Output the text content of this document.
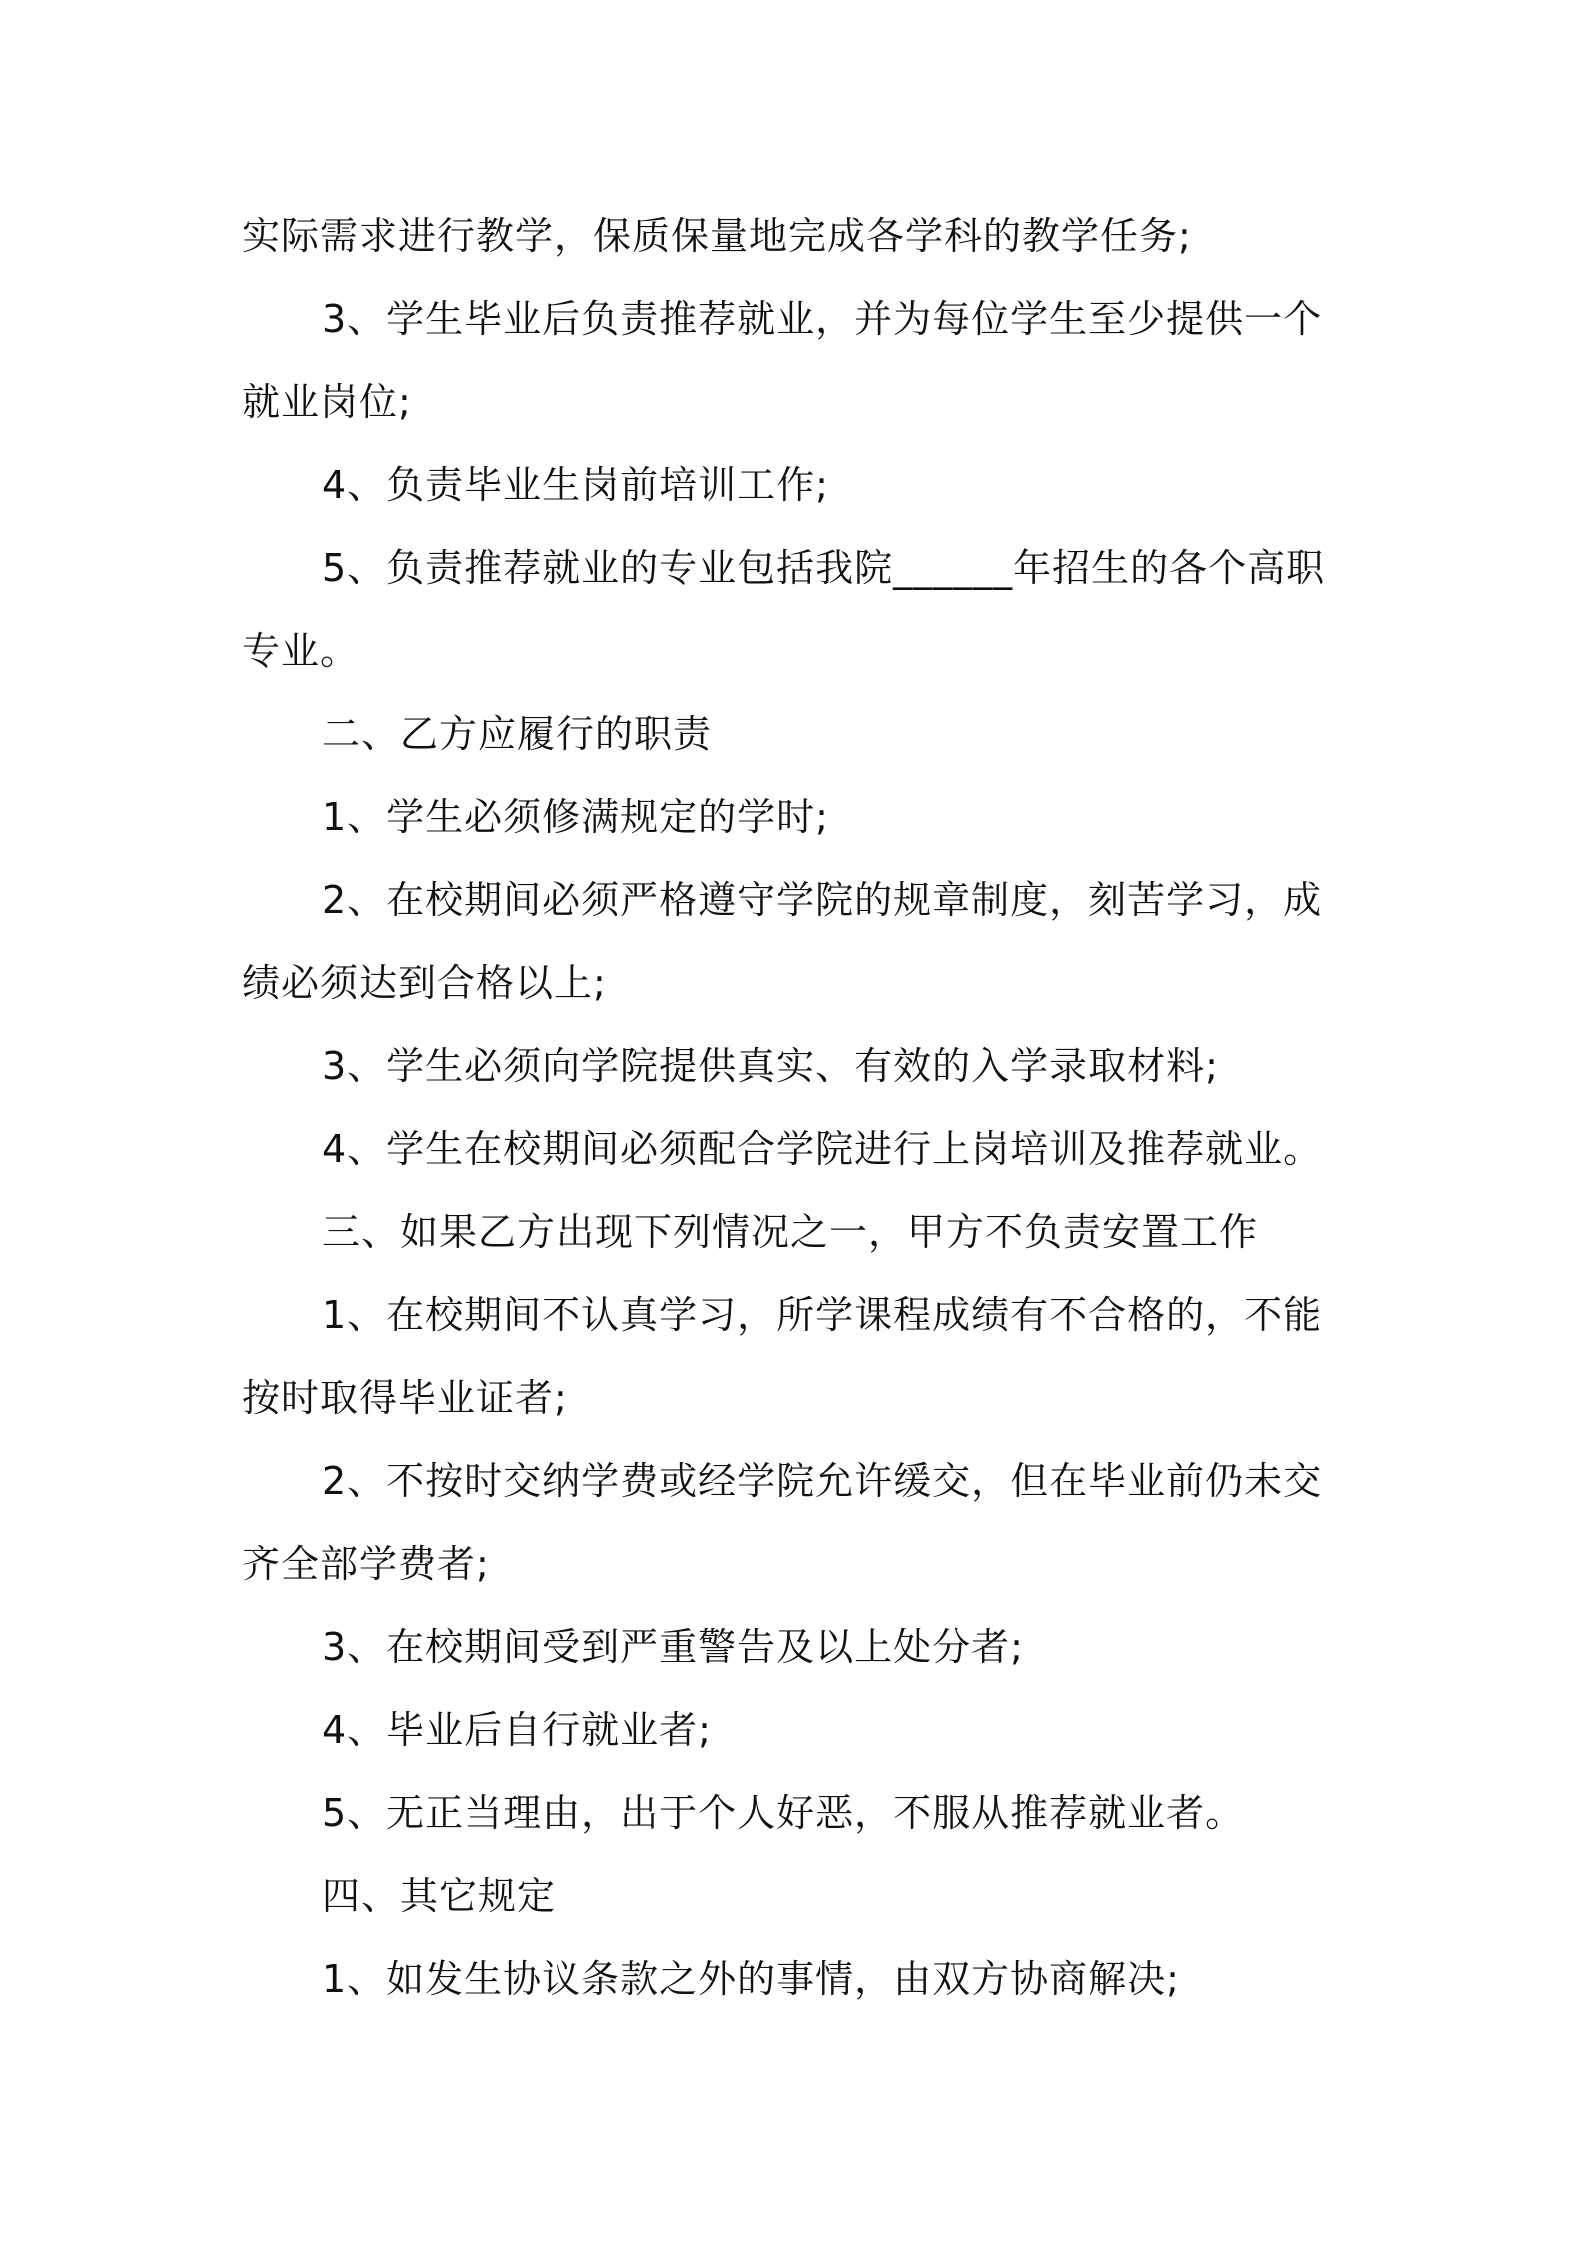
实际需求进行教学，保质保量地完成各学科的教学任务;

3、学生毕业后负责推荐就业，并为每位学生至少提供一个

就业岗位;

4、负责毕业生岗前培训工作;

5、负责推荐就业的专业包括我院______年招生的各个高职

专业。

二、乙方应履行的职责

1、学生必须修满规定的学时;

2、在校期间必须严格遵守学院的规章制度，刻苦学习，成

绩必须达到合格以上;

3、学生必须向学院提供真实、有效的入学录取材料;

4、学生在校期间必须配合学院进行上岗培训及推荐就业。

三、如果乙方出现下列情况之一，甲方不负责安置工作

1、在校期间不认真学习，所学课程成绩有不合格的，不能

按时取得毕业证者;

2、不按时交纳学费或经学院允许缓交，但在毕业前仍未交

齐全部学费者;

3、在校期间受到严重警告及以上处分者;

4、毕业后自行就业者;

5、无正当理由，出于个人好恶，不服从推荐就业者。

四、其它规定

1、如发生协议条款之外的事情，由双方协商解决;
